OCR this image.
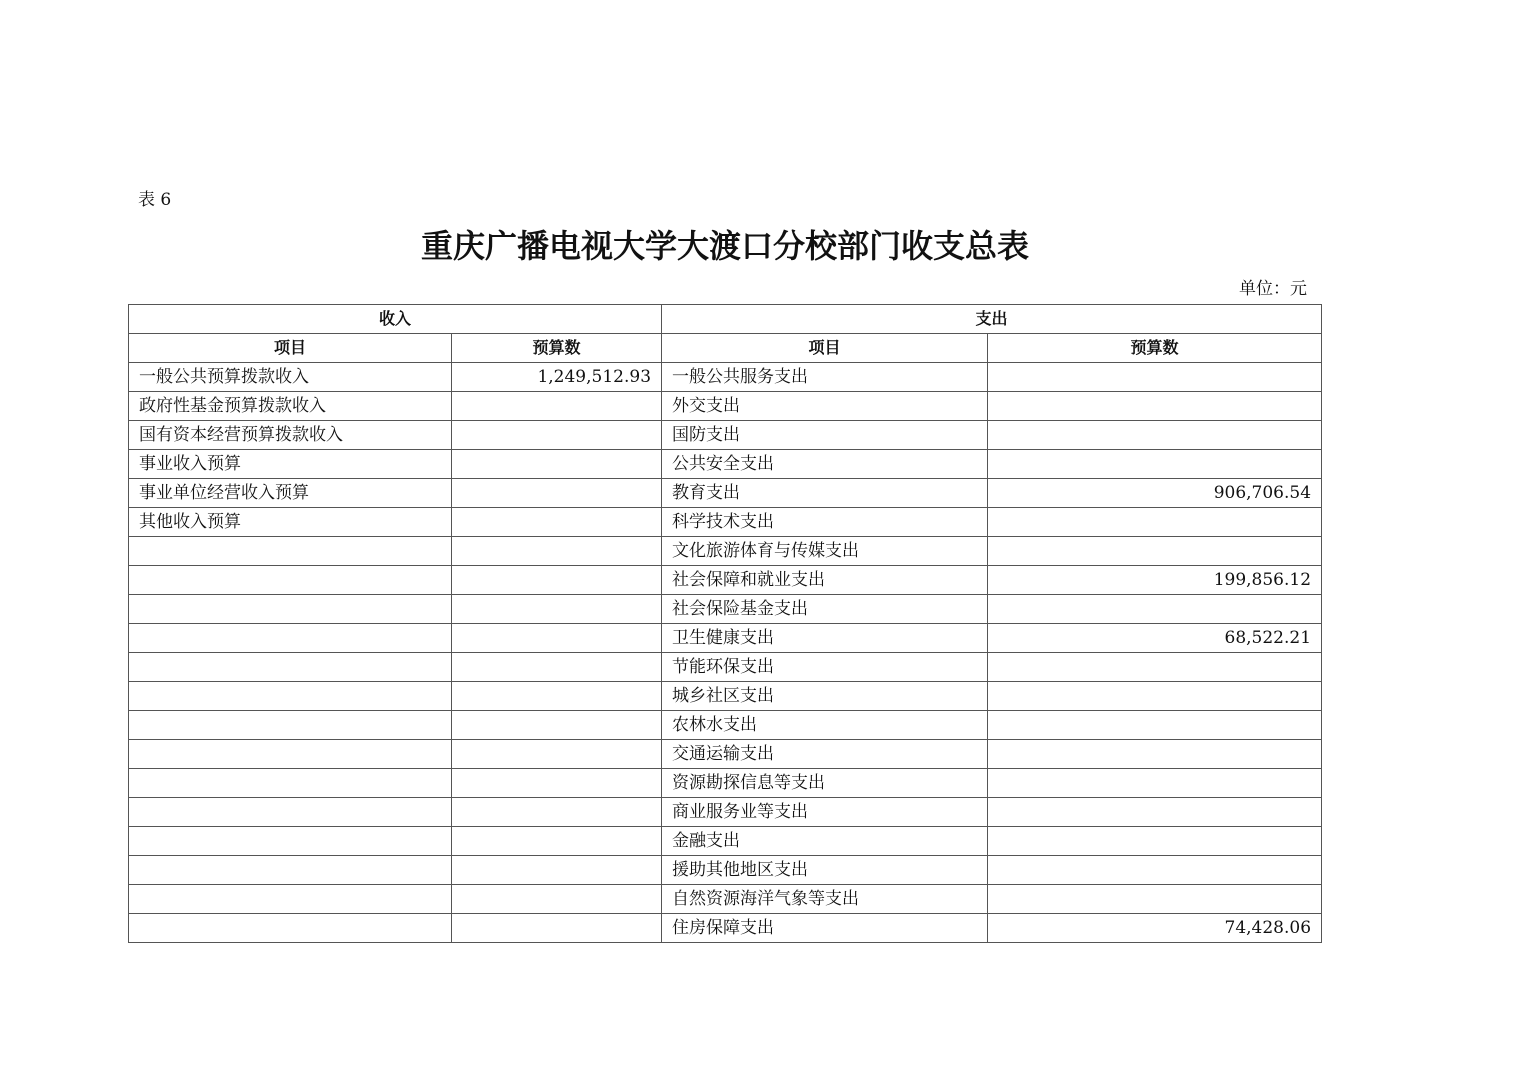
表 6
重庆广播电视大学大渡口分校部门收支总表
单位：元
收入		支出	
项目	预算数	项目	预算数
一般公共预算拨款收入	1,249,512.93	一般公共服务支出	
政府性基金预算拨款收入		外交支出	
国有资本经营预算拨款收入		国防支出	
事业收入预算		公共安全支出	
事业单位经营收入预算		教育支出	906,706.54
其他收入预算		科学技术支出	
		文化旅游体育与传媒支出	
		社会保障和就业支出	199,856.12
		社会保险基金支出	
		卫生健康支出	68,522.21
		节能环保支出	
		城乡社区支出	
		农林水支出	
		交通运输支出	
		资源勘探信息等支出	
		商业服务业等支出	
		金融支出	
		援助其他地区支出	
		自然资源海洋气象等支出	
		住房保障支出	74,428.06
